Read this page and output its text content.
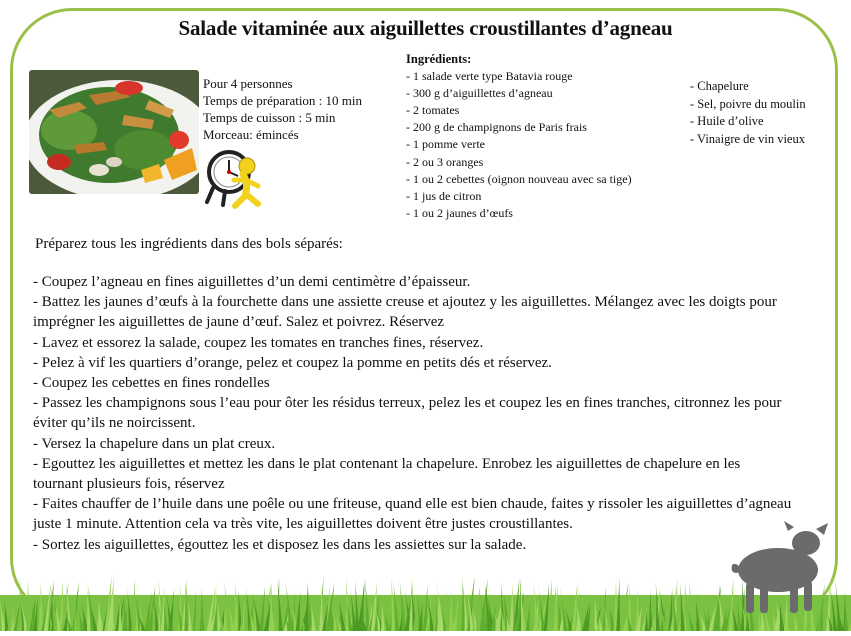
Salade vitaminée aux aiguillettes croustillantes d’agneau
Pour 4 personnes
Temps de préparation : 10 min
Temps de cuisson : 5 min
Morceau: émincés
Ingrédients:
- 1 salade verte type Batavia rouge
- 300 g d’aiguillettes d’agneau
- 2 tomates
- 200 g de champignons de Paris frais
- 1 pomme verte
- 2 ou 3 oranges
- 1 ou 2 cebettes (oignon nouveau avec sa tige)
- 1 jus de citron
- 1 ou 2 jaunes d’œufs
- Chapelure
- Sel, poivre du moulin
- Huile d’olive
- Vinaigre de vin vieux
Préparez tous les ingrédients dans des bols séparés:

- Coupez l’agneau en fines aiguillettes d’un demi centimètre d’épaisseur.

- Battez les jaunes d’œufs à la fourchette dans une assiette creuse et ajoutez y les aiguillettes. Mélangez avec les doigts pour imprégner les aiguillettes de jaune d’œuf. Salez et poivrez. Réservez

- Lavez et essorez la salade, coupez les tomates en tranches fines, réservez.

- Pelez à vif les quartiers d’orange, pelez et coupez la pomme en petits dés et réservez.

- Coupez les cebettes en fines rondelles

- Passez les champignons sous l’eau pour ôter les résidus terreux, pelez les et coupez les en fines tranches, citronnez les pour éviter qu’ils ne noircissent.

- Versez la chapelure dans un plat creux.

- Egouttez les aiguillettes et mettez les dans le plat contenant la chapelure. Enrobez les aiguillettes de chapelure en les tournant plusieurs fois, réservez

- Faites chauffer de l’huile dans une poêle ou une friteuse, quand elle est bien chaude, faites y rissoler les aiguillettes d’agneau juste 1 minute. Attention cela va très vite, les aiguillettes doivent être justes croustillantes.

- Sortez les aiguillettes, égouttez les et disposez les dans les assiettes sur la salade.
